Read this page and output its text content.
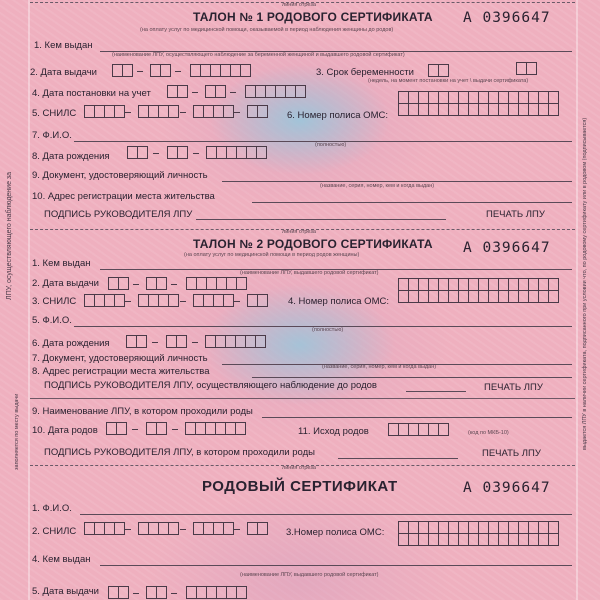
ЛПУ, осуществляющего наблюдение за
заполняется по месту выдачи	выдается ЛПУ в наличии сертификата, подписанного при условии что, по родовому сертификату или в родовом (подписывается)
линия отреза
ТАЛОН № 1 РОДОВОГО СЕРТИФИКАТА А 0396647
(на оплату услуг по медицинской помощи, оказываемой в период наблюдения женщины до родов)
1. Кем выдан
(наименование ЛПУ, осуществляющего наблюдение за беременной женщиной и выдавшего родовой сертификат)
2. Дата выдачи	3. Срок беременности
(недель, на момент постановки на учет \ выдачи сертификата)
4. Дата постановки на учет
5. СНИЛС	6. Номер полиса ОМС:
7. Ф.И.О.
(полностью)
8. Дата рождения
9. Документ, удостоверяющий личность
(название, серия, номер, кем и когда выдан)
10. Адрес регистрации места жительства
ПОДПИСЬ РУКОВОДИТЕЛЯ ЛПУ	ПЕЧАТЬ ЛПУ
линия отреза
ТАЛОН № 2 РОДОВОГО СЕРТИФИКАТА А 0396647
(на оплату услуг по медицинской помощи в период родов женщины)
1. Кем выдан
(наименование ЛПУ, выдавшего родовой сертификат)
2. Дата выдачи
3. СНИЛС	4. Номер полиса ОМС:
5. Ф.И.О.
(полностью)
6. Дата рождения
7. Документ, удостоверяющий личность
(название, серия, номер, кем и когда выдан)
8. Адрес регистрации места жительства
ПОДПИСЬ РУКОВОДИТЕЛЯ ЛПУ, осуществляющего наблюдение до родов	ПЕЧАТЬ ЛПУ
9. Наименование ЛПУ, в котором проходили роды
10. Дата родов	11. Исход родов	(код по МКБ-10)
ПОДПИСЬ РУКОВОДИТЕЛЯ ЛПУ, в котором проходили роды	ПЕЧАТЬ ЛПУ
линия отреза
РОДОВЫЙ СЕРТИФИКАТ	А 0396647
1. Ф.И.О.
2. СНИЛС	3.Номер полиса ОМС:
4. Кем выдан
(наименование ЛПУ, выдавшего родовой сертификат)
5. Дата выдачи
